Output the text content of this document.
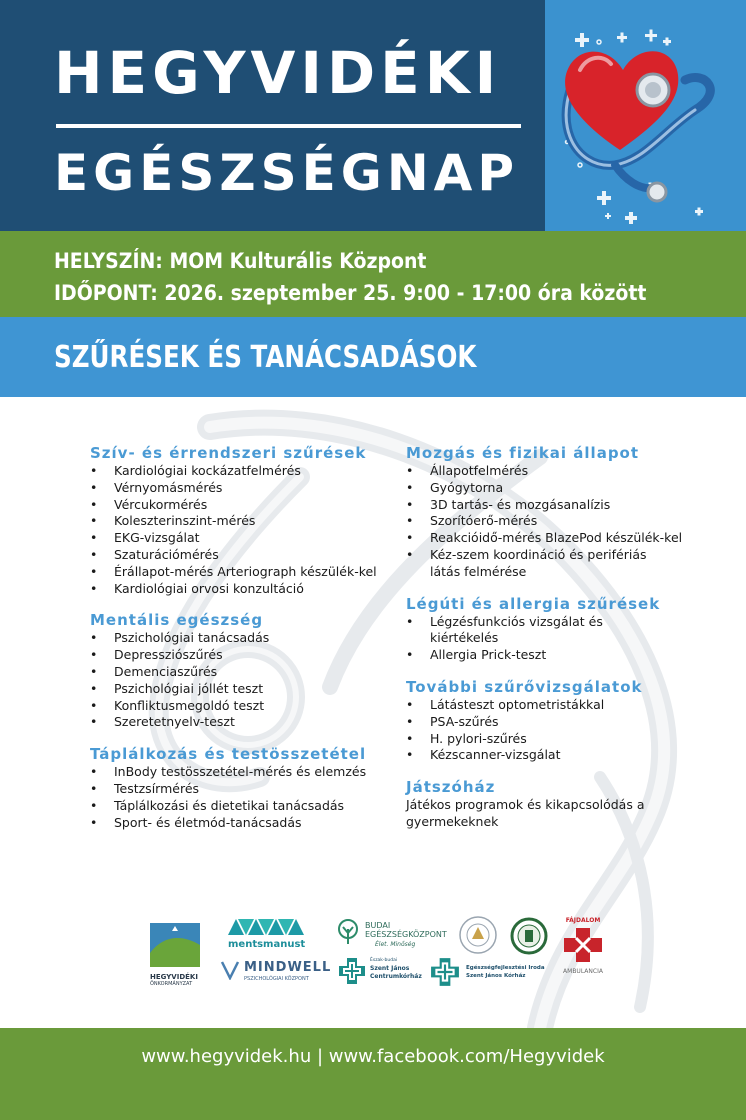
HEGYVIDÉKI
EGÉSZSÉGNAP
HELYSZÍN: MOM Kulturális Központ
IDŐPONT: 2026. szeptember 25. 9:00 - 17:00 óra között
SZŰRÉSEK ÉS TANÁCSADÁSOK
Szív- és érrendszeri szűrések
• Kardiológiai kockázatfelmérés
• Vérnyomásmérés
• Vércukormérés
• Koleszterinszint-mérés
• EKG-vizsgálat
• Szaturációmérés
• Érállapot-mérés Arteriograph készülék-kel
• Kardiológiai orvosi konzultáció
Mentális egészség
• Pszichológiai tanácsadás
• Depressziószűrés
• Demenciaszűrés
• Pszichológiai jóllét teszt
• Konfliktusmegoldó teszt
• Szeretetnyelv-teszt
Táplálkozás és testösszetétel
• InBody testösszetétel-mérés és elemzés
• Testzsírmérés
• Táplálkozási és dietetikai tanácsadás
• Sport- és életmód-tanácsadás
Mozgás és fizikai állapot
• Állapotfelmérés
• Gyógytorna
• 3D tartás- és mozgásanalízis
• Szorítóerő-mérés
• Reakcióidő-mérés BlazePod készülék-kel
• Kéz-szem koordináció és perifériás látás felmérése
Légúti és allergia szűrések
• Légzésfunkciós vizsgálat és kiértékelés
• Allergia Prick-teszt
További szűrővizsgálatok
• Látásteszt optometristákkal
• PSA-szűrés
• H. pylori-szűrés
• Kézscanner-vizsgálat
Játszóház
Játékos programok és kikapcsolódás a gyermekeknek
HEGYVIDÉKI
ÖNKORMÁNYZAT
mentsmanust
MINDWELL
PSZICHOLÓGIAI KÖZPONT
BUDAI
EGÉSZSÉGKÖZPONT
Élet. Minőség
FÁJDALOM
AMBULANCIA
Észak-budai
Szent János
Centrumkórház
Egészségfejlesztési Iroda
Szent János Kórház
www.hegyvidek.hu | www.facebook.com/Hegyvidek
